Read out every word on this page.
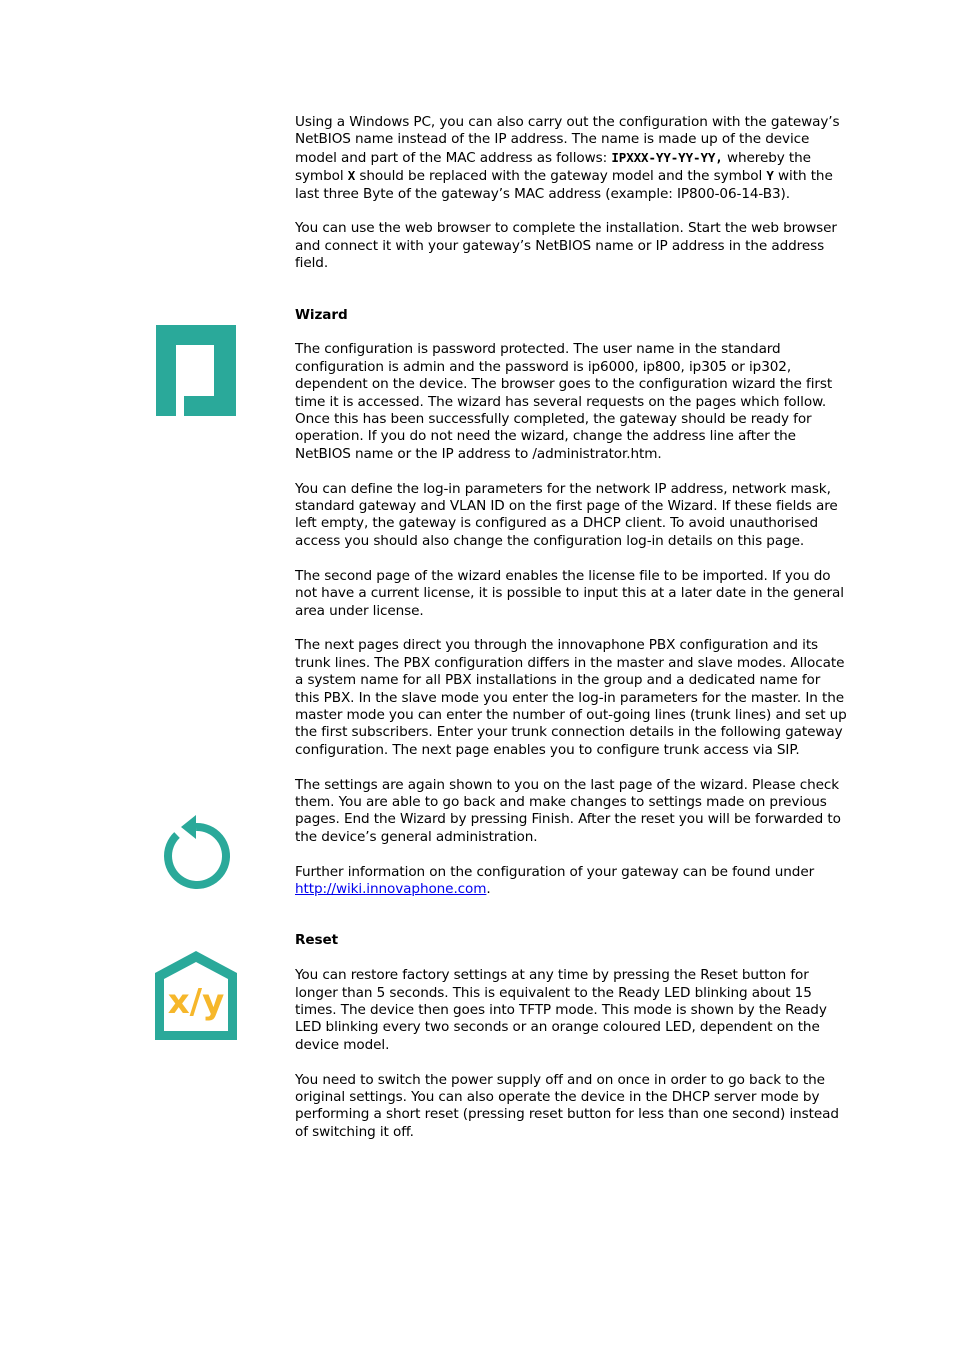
x/y

Using a Windows PC, you can also carry out the configuration with the gateway’s NetBIOS name instead of the IP address. The name is made up of the device model and part of the MAC address as follows: IPXXX-YY-YY-YY, whereby the symbol X should be replaced with the gateway model and the symbol Y with the last three Byte of the gateway’s MAC address (example: IP800-06-14-B3).

You can use the web browser to complete the installation. Start the web browser and connect it with your gateway’s NetBIOS name or IP address in the address field.

Wizard

The configuration is password protected. The user name in the standard configuration is admin and the password is ip6000, ip800, ip305 or ip302, dependent on the device. The browser goes to the configuration wizard the first time it is accessed. The wizard has several requests on the pages which follow. Once this has been successfully completed, the gateway should be ready for operation. If you do not need the wizard, change the address line after the NetBIOS name or the IP address to /administrator.htm.

You can define the log-in parameters for the network IP address, network mask, standard gateway and VLAN ID on the first page of the Wizard. If these fields are left empty, the gateway is configured as a DHCP client. To avoid unauthorised access you should also change the configuration log-in details on this page.

The second page of the wizard enables the license file to be imported. If you do not have a current license, it is possible to input this at a later date in the general area under license.

The next pages direct you through the innovaphone PBX configuration and its trunk lines. The PBX configuration differs in the master and slave modes. Allocate a system name for all PBX installations in the group and a dedicated name for this PBX. In the slave mode you enter the log-in parameters for the master. In the master mode you can enter the number of out-going lines (trunk lines) and set up the first subscribers. Enter your trunk connection details in the following gateway configuration. The next page enables you to configure trunk access via SIP.

The settings are again shown to you on the last page of the wizard. Please check them. You are able to go back and make changes to settings made on previous pages. End the Wizard by pressing Finish. After the reset you will be forwarded to the device’s general administration.

Further information on the configuration of your gateway can be found under http://wiki.innovaphone.com.

Reset

You can restore factory settings at any time by pressing the Reset button for longer than 5 seconds. This is equivalent to the Ready LED blinking about 15 times. The device then goes into TFTP mode. This mode is shown by the Ready LED blinking every two seconds or an orange coloured LED, dependent on the device model.

You need to switch the power supply off and on once in order to go back to the original settings. You can also operate the device in the DHCP server mode by performing a short reset (pressing reset button for less than one second) instead of switching it off.
